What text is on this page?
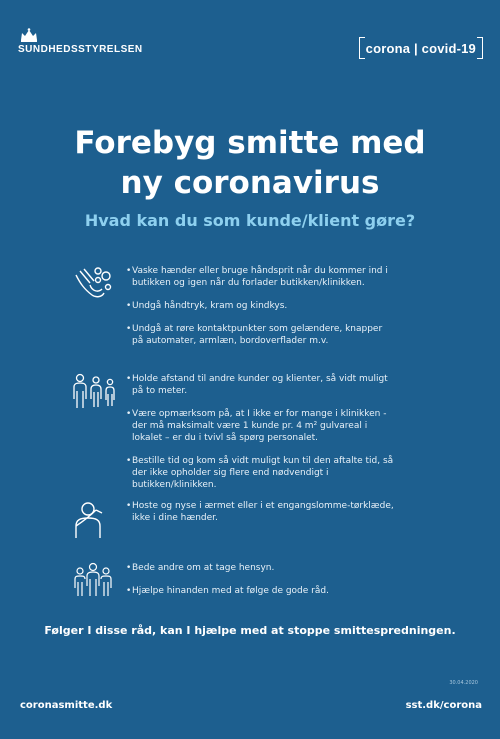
SUNDHEDSSTYRELSEN	corona | covid-19
Forebyg smitte med
ny coronavirus
Hvad kan du som kunde/klient gøre?
• Vaske hænder eller bruge håndsprit når du kommer ind i butikken og igen når du forlader butikken/klinikken.
• Undgå håndtryk, kram og kindkys.
• Undgå at røre kontaktpunkter som gelændere, knapper på automater, armlæn, bordoverflader m.v.
• Holde afstand til andre kunder og klienter, så vidt muligt på to meter.
• Være opmærksom på, at I ikke er for mange i klinikken - der må maksimalt være 1 kunde pr. 4 m² gulvareal i lokalet – er du i tvivl så spørg personalet.
• Bestille tid og kom så vidt muligt kun til den aftalte tid, så der ikke opholder sig flere end nødvendigt i butikken/klinikken.
• Hoste og nyse i ærmet eller i et engangslomme-tørklæde, ikke i dine hænder.
• Bede andre om at tage hensyn.
• Hjælpe hinanden med at følge de gode råd.

Følger I disse råd, kan I hjælpe med at stoppe smittespredningen.

30.04.2020
coronasmitte.dk	sst.dk/corona
